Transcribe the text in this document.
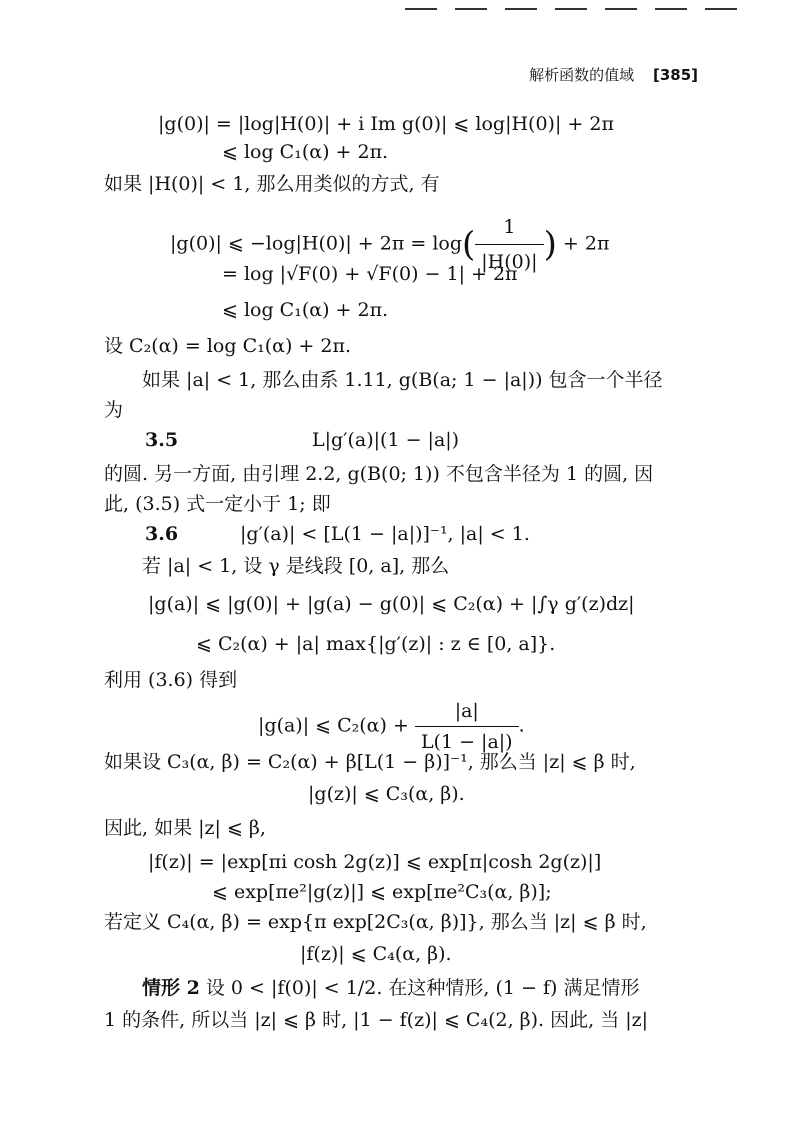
解析函数的值域 [385]
|g(0)| = |log|H(0)| + i Im g(0)| ⩽ log|H(0)| + 2π
⩽ log C₁(α) + 2π.
如果 |H(0)| < 1, 那么用类似的方式, 有
|g(0)| ⩽ $-\log|H(0)| + 2\pi = \log( \frac{1}{|H(0)|}$ ) + 2π
= log |√F(0) + √F(0) − 1| + 2π
⩽ log C₁(α) + 2π.
设 C₂(α) = log C₁(α) + 2π.
如果 |a| < 1, 那么由系 1.11, g(B(a; 1 − |a|)) 包含一个半径
为
3.5	L|g′(a)|(1 − |a|)
的圆. 另一方面, 由引理 2.2, g(B(0; 1)) 不包含半径为 1 的圆, 因
此, (3.5) 式一定小于 1; 即
3.6	|g′(a)| < [L(1 − |a|)]⁻¹, |a| < 1.
若 |a| < 1, 设 γ 是线段 [0, a], 那么
|g(a)| ⩽ |g(0)| + |g(a) − g(0)| ⩽ C₂(α) + |∫γ g′(z)dz|
⩽ C₂(α) + |a| max{|g′(z)| : z ∈ [0, a]}.
利用 (3.6) 得到
|g(a)| ⩽ $C_2(\alpha) + \frac{|a|}{L(1 - |a|)}$ .
如果设 C₃(α, β) = C₂(α) + β[L(1 − β)]⁻¹, 那么当 |z| ⩽ β 时,
|g(z)| ⩽ C₃(α, β).
因此, 如果 |z| ⩽ β,
|f(z)| = |exp[πi cosh 2g(z)] ⩽ exp[π|cosh 2g(z)|]
⩽ exp[πe²|g(z)|] ⩽ exp[πe²C₃(α, β)];
若定义 C₄(α, β) = exp{π exp[2C₃(α, β)]}, 那么当 |z| ⩽ β 时,
|f(z)| ⩽ C₄(α, β).
情形 2 设 0 < |f(0)| < 1/2. 在这种情形, (1 − f) 满足情形
1 的条件, 所以当 |z| ⩽ β 时, |1 − f(z)| ⩽ C₄(2, β). 因此, 当 |z|
